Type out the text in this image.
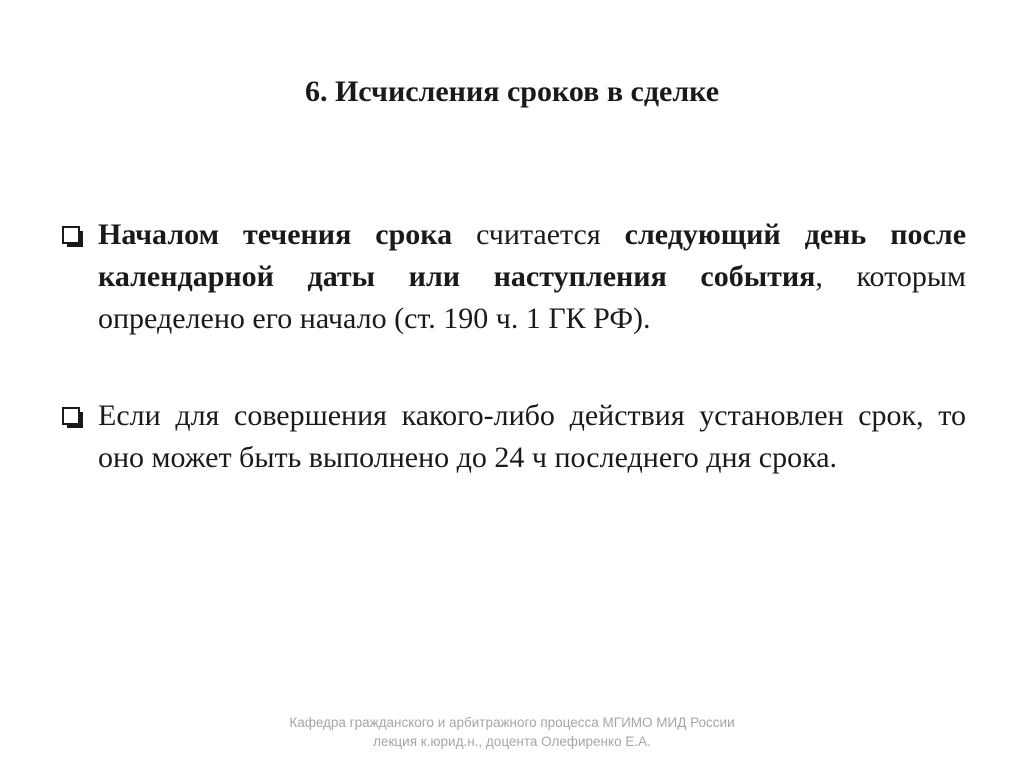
6. Исчисления сроков в сделке

Началом течения срока считается следующий день после календарной даты или наступления события, которым определено его начало (ст. 190 ч. 1 ГК РФ).

Если для совершения какого-либо действия установлен срок, то оно может быть выполнено до 24 ч последнего дня срока.

Кафедра гражданского и арбитражного процесса МГИМО МИД России
лекция к.юрид.н., доцента Олефиренко Е.А.
